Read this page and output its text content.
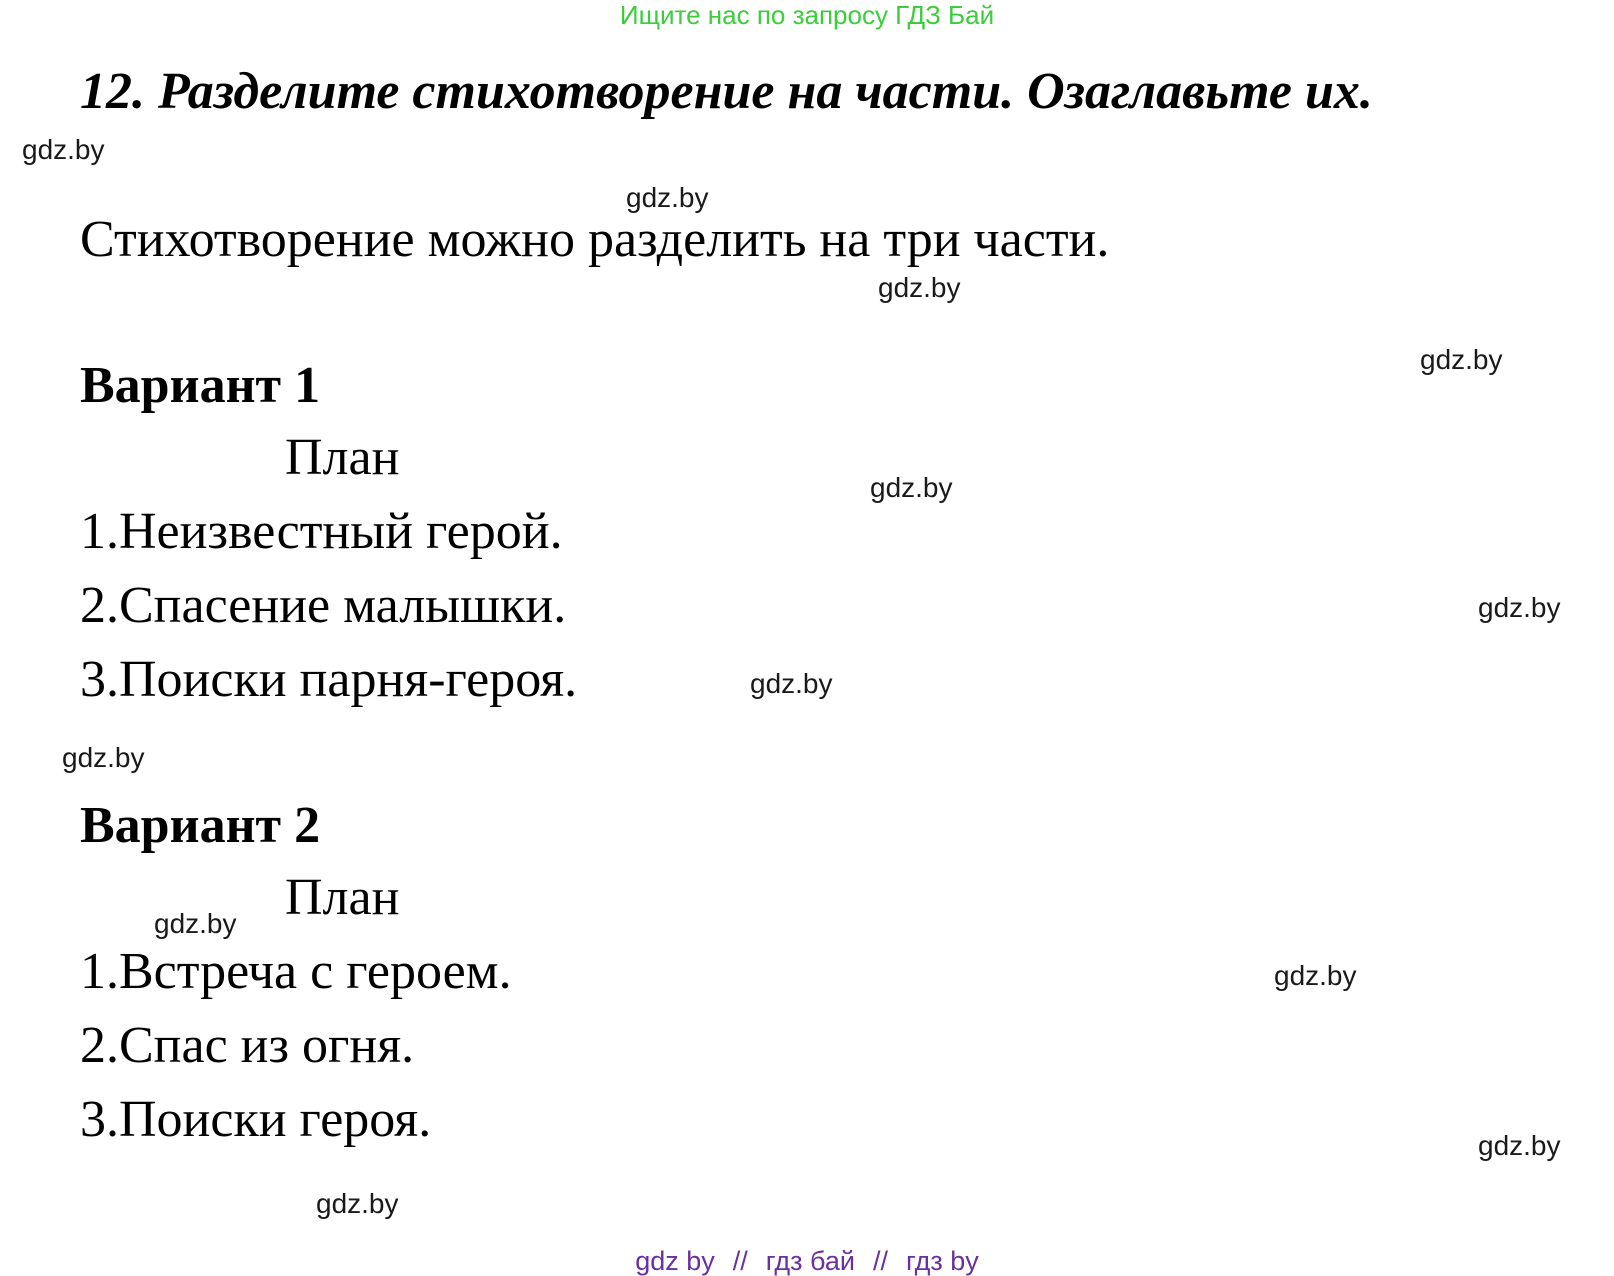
Ищите нас по запросу ГДЗ Бай
12. Разделите стихотворение на части. Озаглавьте их.
Стихотворение можно разделить на три части.
Вариант 1
План
1.Неизвестный герой.
2.Спасение малышки.
3.Поиски парня-героя.
Вариант 2
План
1.Встреча с героем.
2.Спас из огня.
3.Поиски героя.
gdz.by
gdz.by
gdz.by
gdz.by
gdz.by
gdz.by
gdz.by
gdz.by
gdz.by
gdz.by
gdz.by
gdz.by
gdz by // гдз бай // гдз by
